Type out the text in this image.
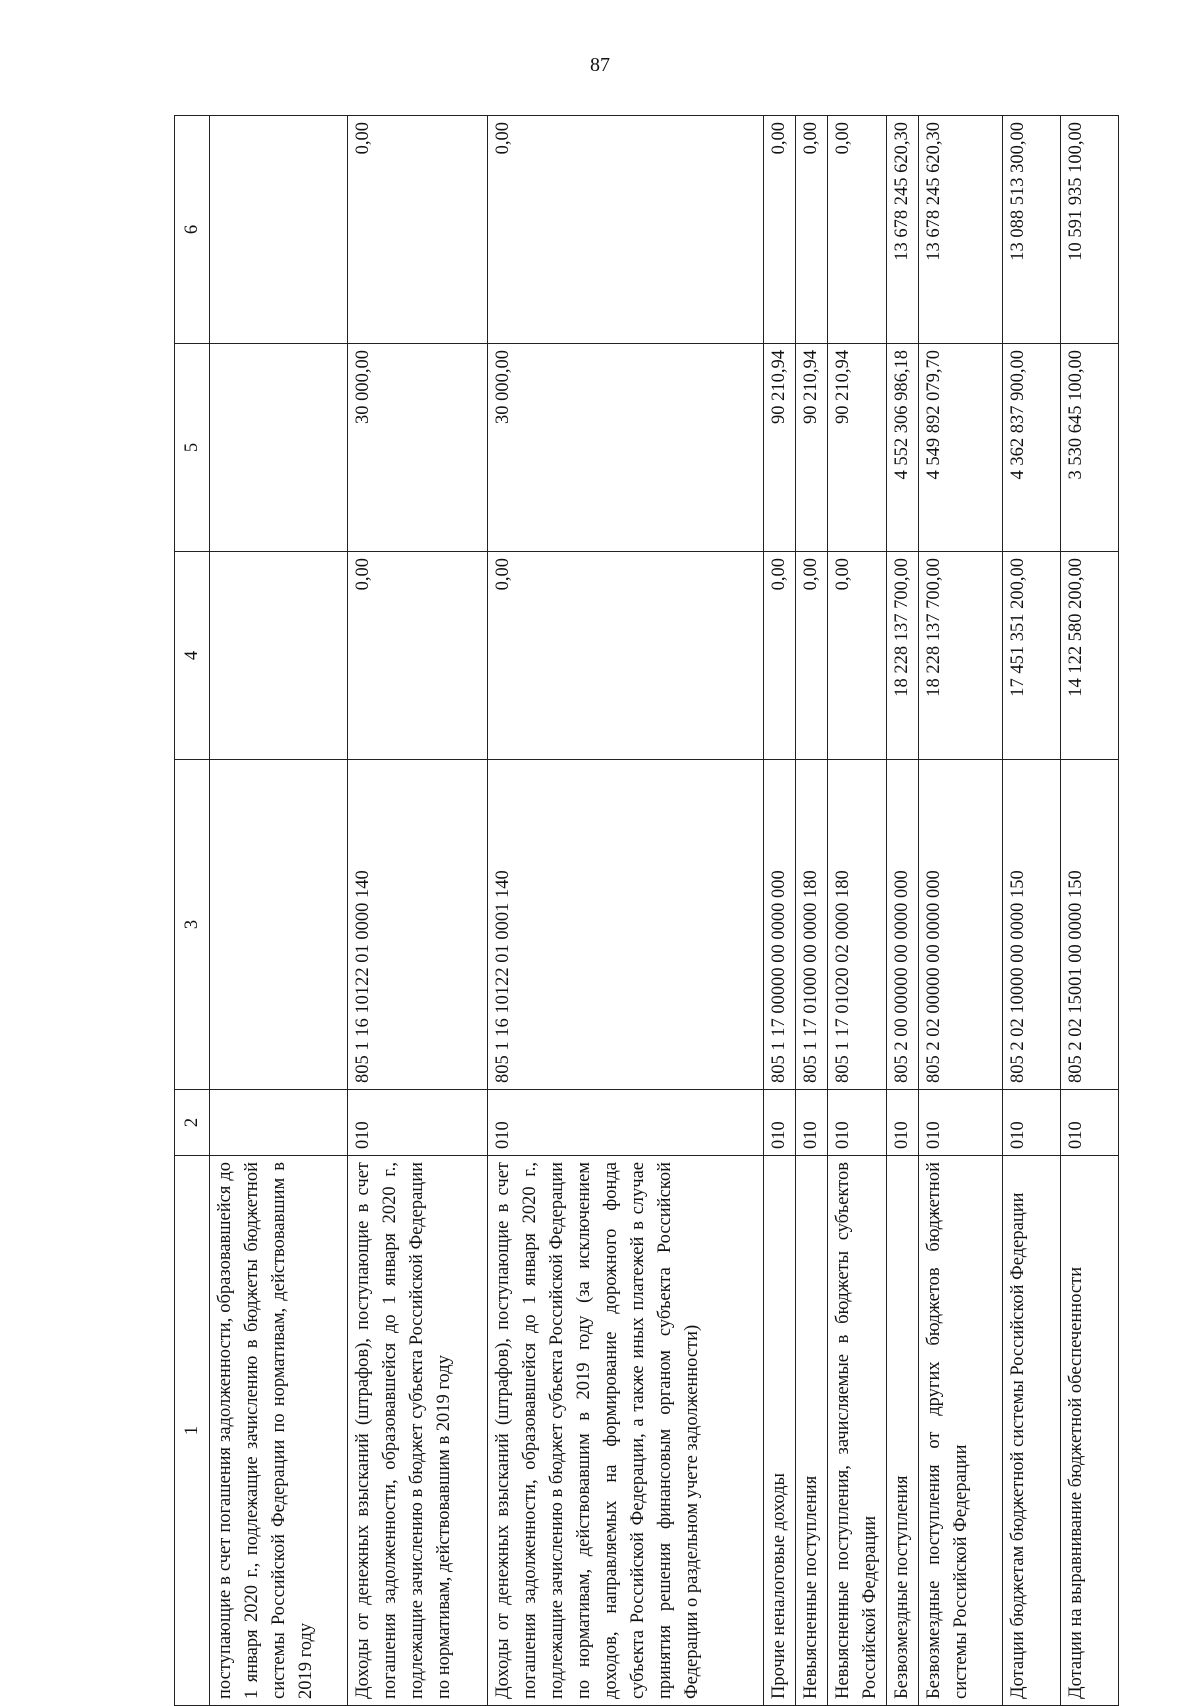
87
1	2	3	4	5	6
поступающие в счет погашения задолженности, образовавшейся до 1 января 2020 г., подлежащие зачислению в бюджеты бюджетной системы Российской Федерации по нормативам, действовавшим в 2019 году					
Доходы от денежных взысканий (штрафов), поступающие в счет погашения задолженности, образовавшейся до 1 января 2020 г., подлежащие зачислению в бюджет субъекта Российской Федерации по нормативам, действовавшим в 2019 году	010	805 1 16 10122 01 0000 140	0,00	30 000,00	0,00
Доходы от денежных взысканий (штрафов), поступающие в счет погашения задолженности, образовавшейся до 1 января 2020 г., подлежащие зачислению в бюджет субъекта Российской Федерации по нормативам, действовавшим в 2019 году (за исключением доходов, направляемых на формирование дорожного фонда субъекта Российской Федерации, а также иных платежей в случае принятия решения финансовым органом субъекта Российской Федерации о раздельном учете задолженности)	010	805 1 16 10122 01 0001 140	0,00	30 000,00	0,00
Прочие неналоговые доходы	010	805 1 17 00000 00 0000 000	0,00	90 210,94	0,00
Невыясненные поступления	010	805 1 17 01000 00 0000 180	0,00	90 210,94	0,00
Невыясненные поступления, зачисляемые в бюджеты субъектов Российской Федерации	010	805 1 17 01020 02 0000 180	0,00	90 210,94	0,00
Безвозмездные поступления	010	805 2 00 00000 00 0000 000	18 228 137 700,00	4 552 306 986,18	13 678 245 620,30
Безвозмездные поступления от других бюджетов бюджетной системы Российской Федерации	010	805 2 02 00000 00 0000 000	18 228 137 700,00	4 549 892 079,70	13 678 245 620,30
Дотации бюджетам бюджетной системы Российской Федерации	010	805 2 02 10000 00 0000 150	17 451 351 200,00	4 362 837 900,00	13 088 513 300,00
Дотации на выравнивание бюджетной обеспеченности	010	805 2 02 15001 00 0000 150	14 122 580 200,00	3 530 645 100,00	10 591 935 100,00
